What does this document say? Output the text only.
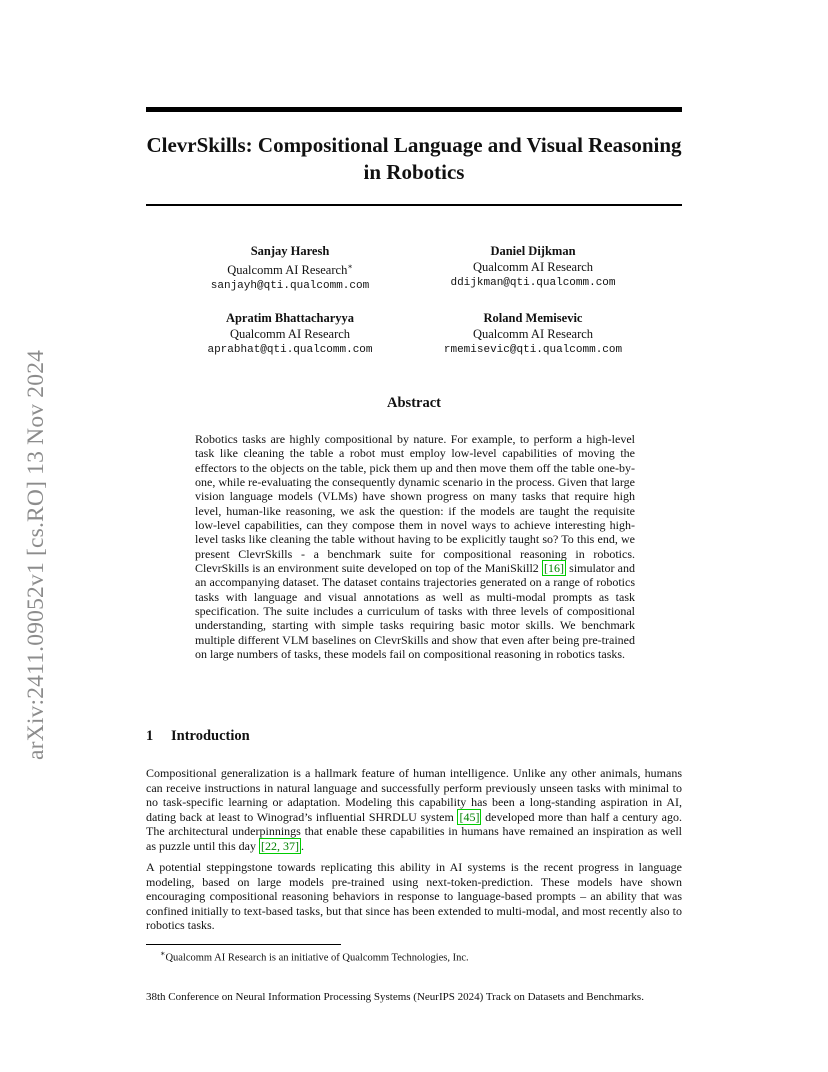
arXiv:2411.09052v1 [cs.RO] 13 Nov 2024
ClevrSkills: Compositional Language and Visual Reasoning in Robotics
Sanjay Haresh
Qualcomm AI Research∗
sanjayh@qti.qualcomm.com
Daniel Dijkman
Qualcomm AI Research
ddijkman@qti.qualcomm.com
Apratim Bhattacharyya
Qualcomm AI Research
aprabhat@qti.qualcomm.com
Roland Memisevic
Qualcomm AI Research
rmemisevic@qti.qualcomm.com
Abstract

Robotics tasks are highly compositional by nature. For example, to perform a high-level task like cleaning the table a robot must employ low-level capabilities of moving the effectors to the objects on the table, pick them up and then move them off the table one-by-one, while re-evaluating the consequently dynamic scenario in the process. Given that large vision language models (VLMs) have shown progress on many tasks that require high level, human-like reasoning, we ask the question: if the models are taught the requisite low-level capabilities, can they compose them in novel ways to achieve interesting high-level tasks like cleaning the table without having to be explicitly taught so? To this end, we present ClevrSkills - a benchmark suite for compositional reasoning in robotics. ClevrSkills is an environment suite developed on top of the ManiSkill2 [16] simulator and an accompanying dataset. The dataset contains trajectories generated on a range of robotics tasks with language and visual annotations as well as multi-modal prompts as task specification. The suite includes a curriculum of tasks with three levels of compositional understanding, starting with simple tasks requiring basic motor skills. We benchmark multiple different VLM baselines on ClevrSkills and show that even after being pre-trained on large numbers of tasks, these models fail on compositional reasoning in robotics tasks.

1 Introduction

Compositional generalization is a hallmark feature of human intelligence. Unlike any other animals, humans can receive instructions in natural language and successfully perform previously unseen tasks with minimal to no task-specific learning or adaptation. Modeling this capability has been a long-standing aspiration in AI, dating back at least to Winograd’s influential SHRDLU system [45] developed more than half a century ago. The architectural underpinnings that enable these capabilities in humans have remained an inspiration as well as puzzle until this day [22, 37] .

A potential steppingstone towards replicating this ability in AI systems is the recent progress in language modeling, based on large models pre-trained using next-token-prediction. These models have shown encouraging compositional reasoning behaviors in response to language-based prompts – an ability that was confined initially to text-based tasks, but that since has been extended to multi-modal, and most recently also to robotics tasks.

∗Qualcomm AI Research is an initiative of Qualcomm Technologies, Inc.

38th Conference on Neural Information Processing Systems (NeurIPS 2024) Track on Datasets and Benchmarks.
